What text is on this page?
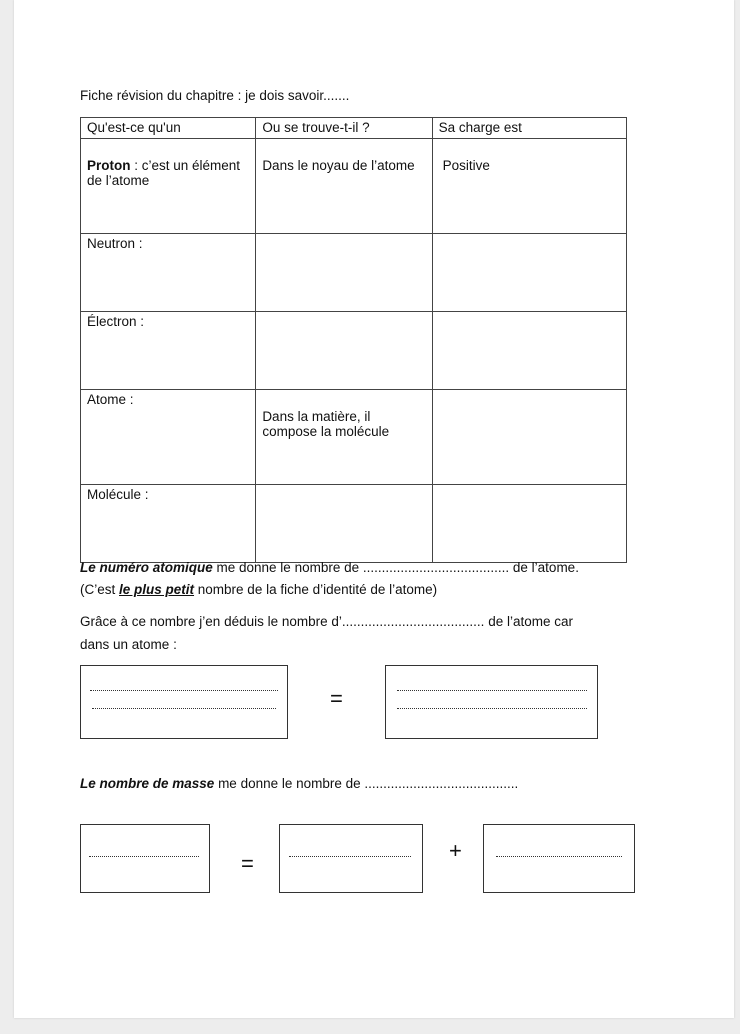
Fiche révision du chapitre : je dois savoir.......
Qu'est-ce qu'un	Ou se trouve-t-il ?	Sa charge est
Proton : c’est un élément de l’atome	Dans le noyau de l’atome	Positive
Neutron :		
Électron :		
Atome :	Dans la matière, il compose la molécule	
Molécule :		
Le numéro atomique me donne le nombre de ....................................... de l’atome.
(C’est le plus petit nombre de la fiche d’identité de l’atome)
Grâce à ce nombre j’en déduis le nombre d’...................................... de l’atome car
dans un atome :
=
Le nombre de masse me donne le nombre de .........................................
=
+
